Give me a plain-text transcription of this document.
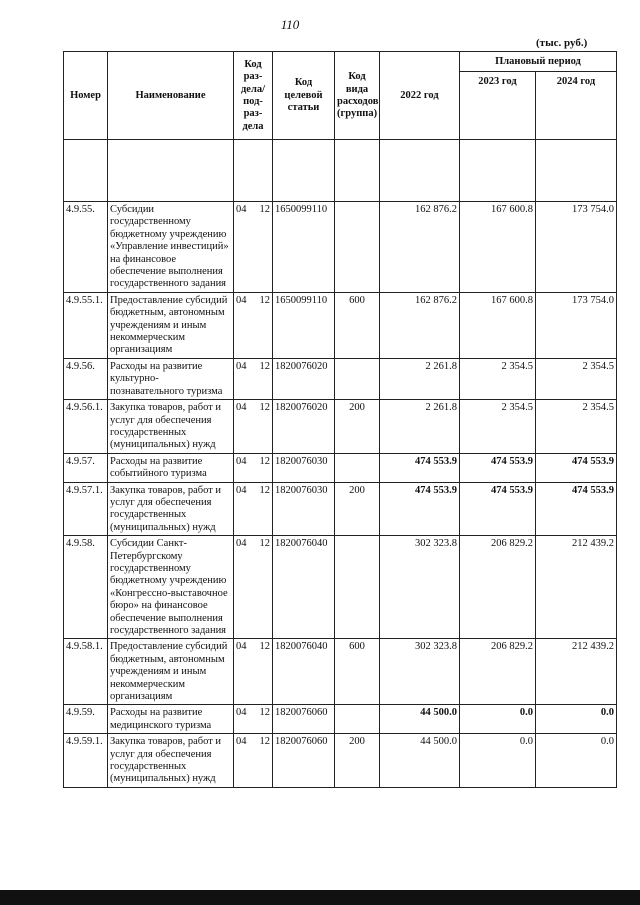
110
(тыс. руб.)
Номер	Наименование	Код раз-дела/ под-раз-дела	Код целевой статьи	Код вида расходов (группа)	2022 год	Плановый период	
						2023 год	2024 год

4.9.55.	Субсидии государственному бюджетному учреждению «Управление инвестиций» на финансовое обеспечение выполнения государственного задания	04 12	1650099110		162 876.2	167 600.8	173 754.0
4.9.55.1.	Предоставление субсидий бюджетным, автономным учреждениям и иным некоммерческим организациям	04 12	1650099110	600	162 876.2	167 600.8	173 754.0
4.9.56.	Расходы на развитие культурно-познавательного туризма	04 12	1820076020		2 261.8	2 354.5	2 354.5
4.9.56.1.	Закупка товаров, работ и услуг для обеспечения государственных (муниципальных) нужд	04 12	1820076020	200	2 261.8	2 354.5	2 354.5
4.9.57.	Расходы на развитие событийного туризма	04 12	1820076030		474 553.9	474 553.9	474 553.9
4.9.57.1.	Закупка товаров, работ и услуг для обеспечения государственных (муниципальных) нужд	04 12	1820076030	200	474 553.9	474 553.9	474 553.9
4.9.58.	Субсидии Санкт-Петербургскому государственному бюджетному учреждению «Конгрессно-выставочное бюро» на финансовое обеспечение выполнения государственного задания	04 12	1820076040		302 323.8	206 829.2	212 439.2
4.9.58.1.	Предоставление субсидий бюджетным, автономным учреждениям и иным некоммерческим организациям	04 12	1820076040	600	302 323.8	206 829.2	212 439.2
4.9.59.	Расходы на развитие медицинского туризма	04 12	1820076060		44 500.0	0.0	0.0
4.9.59.1.	Закупка товаров, работ и услуг для обеспечения государственных (муниципальных) нужд	04 12	1820076060	200	44 500.0	0.0	0.0
